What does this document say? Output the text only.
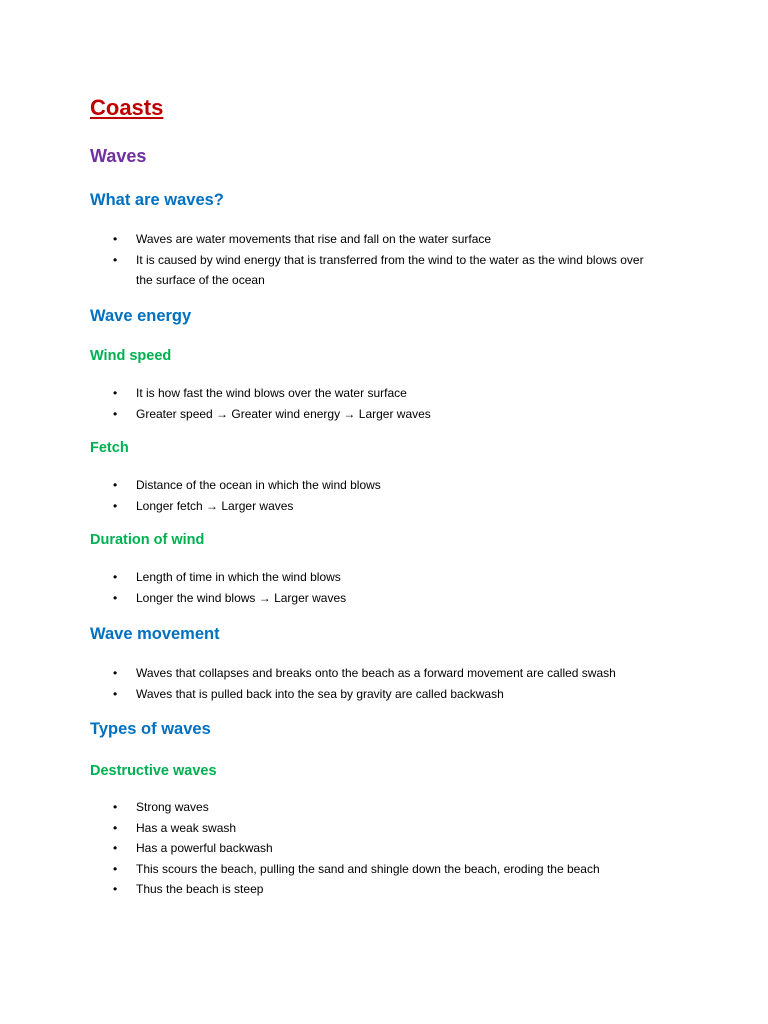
Coasts
Waves
What are waves?
• Waves are water movements that rise and fall on the water surface
• It is caused by wind energy that is transferred from the wind to the water as the wind blows over the surface of the ocean
Wave energy
Wind speed
• It is how fast the wind blows over the water surface
• Greater speed → Greater wind energy → Larger waves
Fetch
• Distance of the ocean in which the wind blows
• Longer fetch → Larger waves
Duration of wind
• Length of time in which the wind blows
• Longer the wind blows → Larger waves
Wave movement
• Waves that collapses and breaks onto the beach as a forward movement are called swash
• Waves that is pulled back into the sea by gravity are called backwash
Types of waves
Destructive waves
• Strong waves
• Has a weak swash
• Has a powerful backwash
• This scours the beach, pulling the sand and shingle down the beach, eroding the beach
• Thus the beach is steep
